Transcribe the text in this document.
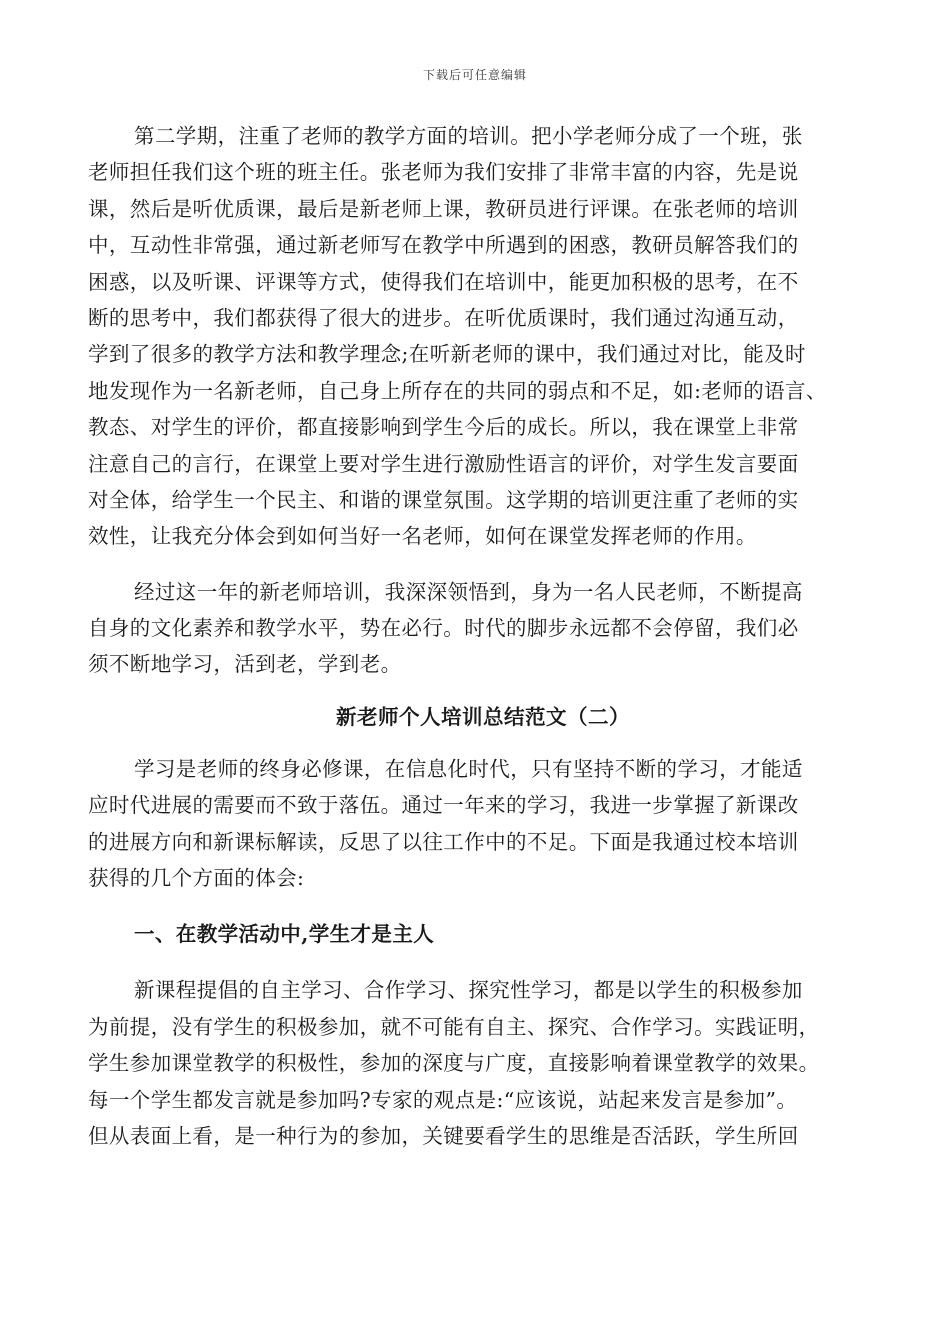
下载后可任意编辑
第二学期，注重了老师的教学方面的培训。把小学老师分成了一个班，张
老师担任我们这个班的班主任。张老师为我们安排了非常丰富的内容，先是说
课，然后是听优质课，最后是新老师上课，教研员进行评课。在张老师的培训
中，互动性非常强，通过新老师写在教学中所遇到的困惑，教研员解答我们的
困惑，以及听课、评课等方式，使得我们在培训中，能更加积极的思考，在不
断的思考中，我们都获得了很大的进步。在听优质课时，我们通过沟通互动，
学到了很多的教学方法和教学理念;在听新老师的课中，我们通过对比，能及时
地发现作为一名新老师，自己身上所存在的共同的弱点和不足，如:老师的语言、
教态、对学生的评价，都直接影响到学生今后的成长。所以，我在课堂上非常
注意自己的言行，在课堂上要对学生进行激励性语言的评价，对学生发言要面
对全体，给学生一个民主、和谐的课堂氛围。这学期的培训更注重了老师的实
效性，让我充分体会到如何当好一名老师，如何在课堂发挥老师的作用。
经过这一年的新老师培训，我深深领悟到，身为一名人民老师，不断提高
自身的文化素养和教学水平，势在必行。时代的脚步永远都不会停留，我们必
须不断地学习，活到老，学到老。
新老师个人培训总结范文（二）
学习是老师的终身必修课，在信息化时代，只有坚持不断的学习，才能适
应时代进展的需要而不致于落伍。通过一年来的学习，我进一步掌握了新课改
的进展方向和新课标解读，反思了以往工作中的不足。下面是我通过校本培训
获得的几个方面的体会:
一、在教学活动中,学生才是主人
新课程提倡的自主学习、合作学习、探究性学习，都是以学生的积极参加
为前提，没有学生的积极参加，就不可能有自主、探究、合作学习。实践证明，
学生参加课堂教学的积极性，参加的深度与广度，直接影响着课堂教学的效果。
每一个学生都发言就是参加吗?专家的观点是:“应该说，站起来发言是参加”。
但从表面上看，是一种行为的参加，关键要看学生的思维是否活跃，学生所回
